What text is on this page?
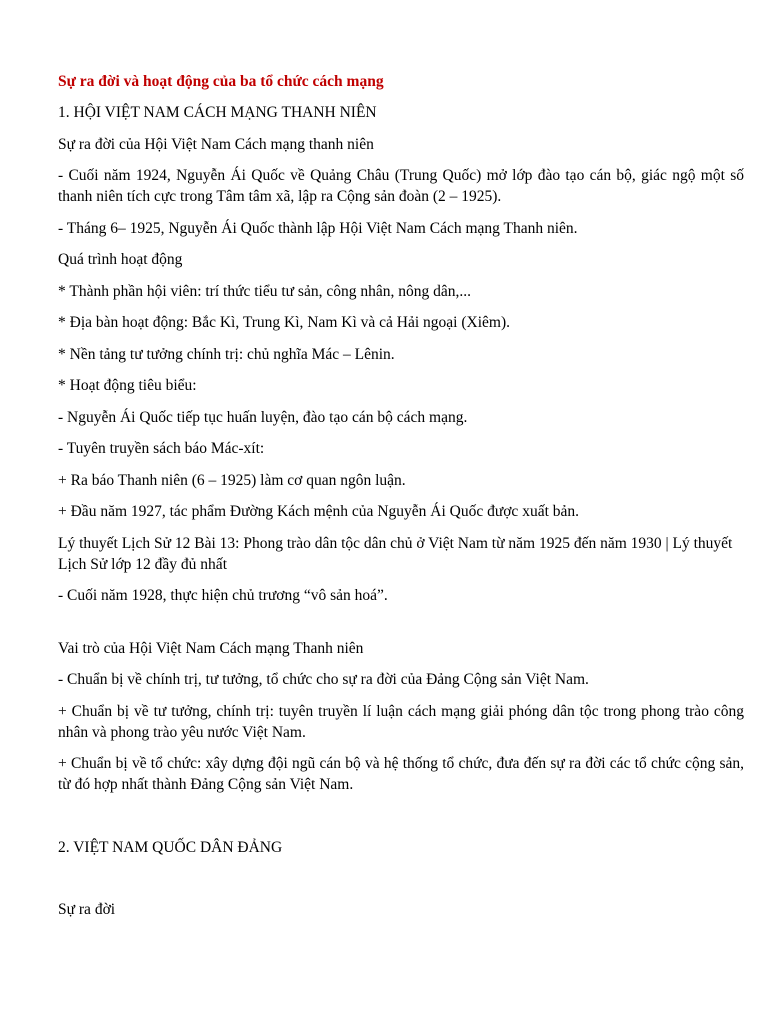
Sự ra đời và hoạt động của ba tổ chức cách mạng
1. HỘI VIỆT NAM CÁCH MẠNG THANH NIÊN
Sự ra đời của Hội Việt Nam Cách mạng thanh niên
- Cuối năm 1924, Nguyễn Ái Quốc về Quảng Châu (Trung Quốc) mở lớp đào tạo cán bộ, giác ngộ một số thanh niên tích cực trong Tâm tâm xã, lập ra Cộng sản đoàn (2 – 1925).
- Tháng 6– 1925, Nguyễn Ái Quốc thành lập Hội Việt Nam Cách mạng Thanh niên.
Quá trình hoạt động
* Thành phần hội viên: trí thức tiểu tư sản, công nhân, nông dân,...
* Địa bàn hoạt động: Bắc Kì, Trung Kì, Nam Kì và cả Hải ngoại (Xiêm).
* Nền tảng tư tưởng chính trị: chủ nghĩa Mác – Lênin.
* Hoạt động tiêu biểu:
- Nguyễn Ái Quốc tiếp tục huấn luyện, đào tạo cán bộ cách mạng.
- Tuyên truyền sách báo Mác-xít:
+ Ra báo Thanh niên (6 – 1925) làm cơ quan ngôn luận.
+ Đầu năm 1927, tác phẩm Đường Kách mệnh của Nguyễn Ái Quốc được xuất bản.
Lý thuyết Lịch Sử 12 Bài 13: Phong trào dân tộc dân chủ ở Việt Nam từ năm 1925 đến năm 1930 | Lý thuyết Lịch Sử lớp 12 đầy đủ nhất
- Cuối năm 1928, thực hiện chủ trương “vô sản hoá”.
Vai trò của Hội Việt Nam Cách mạng Thanh niên
- Chuẩn bị về chính trị, tư tưởng, tổ chức cho sự ra đời của Đảng Cộng sản Việt Nam.
+ Chuẩn bị về tư tưởng, chính trị: tuyên truyền lí luận cách mạng giải phóng dân tộc trong phong trào công nhân và phong trào yêu nước Việt Nam.
+ Chuẩn bị về tổ chức: xây dựng đội ngũ cán bộ và hệ thống tổ chức, đưa đến sự ra đời các tổ chức cộng sản, từ đó hợp nhất thành Đảng Cộng sản Việt Nam.
2. VIỆT NAM QUỐC DÂN ĐẢNG
Sự ra đời
